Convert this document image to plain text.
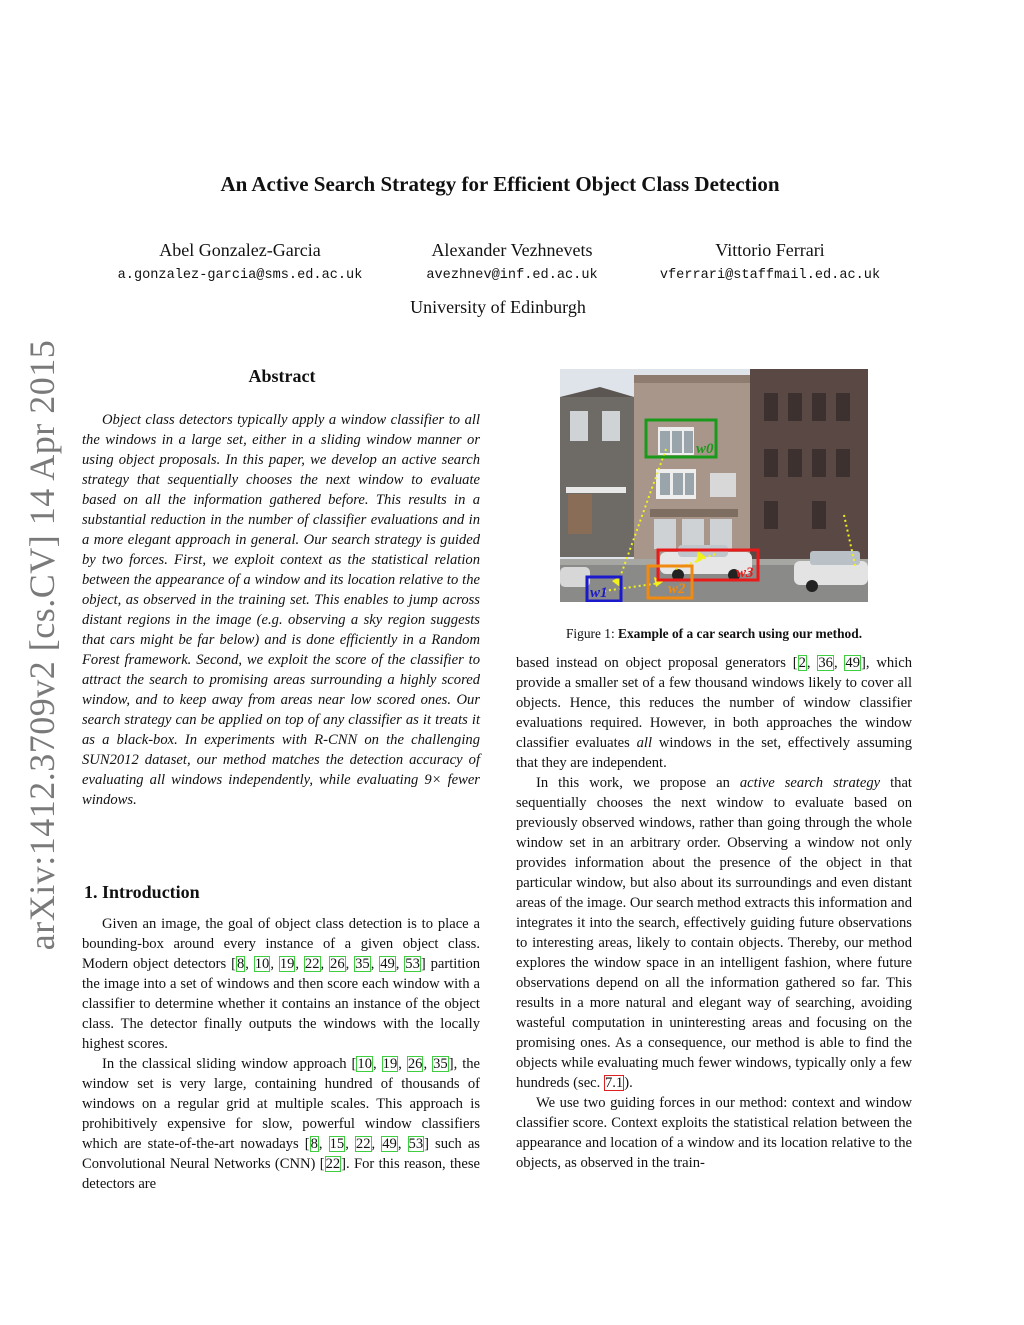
arXiv:1412.3709v2 [cs.CV] 14 Apr 2015
An Active Search Strategy for Efficient Object Class Detection
Abel Gonzalez-Garcia	Alexander Vezhnevets	Vittorio Ferrari
a.gonzalez-garcia@sms.ed.ac.uk	avezhnev@inf.ed.ac.uk	vferrari@staffmail.ed.ac.uk
University of Edinburgh
Abstract

Object class detectors typically apply a window classifier to all the windows in a large set, either in a sliding window manner or using object proposals. In this paper, we develop an active search strategy that sequentially chooses the next window to evaluate based on all the information gathered before. This results in a substantial reduction in the number of classifier evaluations and in a more elegant approach in general. Our search strategy is guided by two forces. First, we exploit context as the statistical relation between the appearance of a window and its location relative to the object, as observed in the training set. This enables to jump across distant regions in the image (e.g. observing a sky region suggests that cars might be far below) and is done efficiently in a Random Forest framework. Second, we exploit the score of the classifier to attract the search to promising areas surrounding a highly scored window, and to keep away from areas near low scored ones. Our search strategy can be applied on top of any classifier as it treats it as a black-box. In experiments with R-CNN on the challenging SUN2012 dataset, our method matches the detection accuracy of evaluating all windows independently, while evaluating 9× fewer windows.

1. Introduction

Given an image, the goal of object class detection is to place a bounding-box around every instance of a given object class. Modern object detectors [8, 10, 19, 22, 26, 35, 49, 53] partition the image into a set of windows and then score each window with a classifier to determine whether it contains an instance of the object class. The detector finally outputs the windows with the locally highest scores.

In the classical sliding window approach [10, 19, 26, 35], the window set is very large, containing hundred of thousands of windows on a regular grid at multiple scales. This approach is prohibitively expensive for slow, powerful window classifiers which are state-of-the-art nowadays [8, 15, 22, 49, 53] such as Convolutional Neural Networks (CNN) [22]. For this reason, these detectors are

w0
w1	w2
w3
Figure 1: Example of a car search using our method.

based instead on object proposal generators [2, 36, 49], which provide a smaller set of a few thousand windows likely to cover all objects. Hence, this reduces the number of window classifier evaluations required. However, in both approaches the window classifier evaluates all windows in the set, effectively assuming that they are independent.

In this work, we propose an active search strategy that sequentially chooses the next window to evaluate based on previously observed windows, rather than going through the whole window set in an arbitrary order. Observing a window not only provides information about the presence of the object in that particular window, but also about its surroundings and even distant areas of the image. Our search method extracts this information and integrates it into the search, effectively guiding future observations to interesting areas, likely to contain objects. Thereby, our method explores the window space in an intelligent fashion, where future observations depend on all the information gathered so far. This results in a more natural and elegant way of searching, avoiding wasteful computation in uninteresting areas and focusing on the promising ones. As a consequence, our method is able to find the objects while evaluating much fewer windows, typically only a few hundreds (sec. 7.1).

We use two guiding forces in our method: context and window classifier score. Context exploits the statistical relation between the appearance and location of a window and its location relative to the objects, as observed in the train-
